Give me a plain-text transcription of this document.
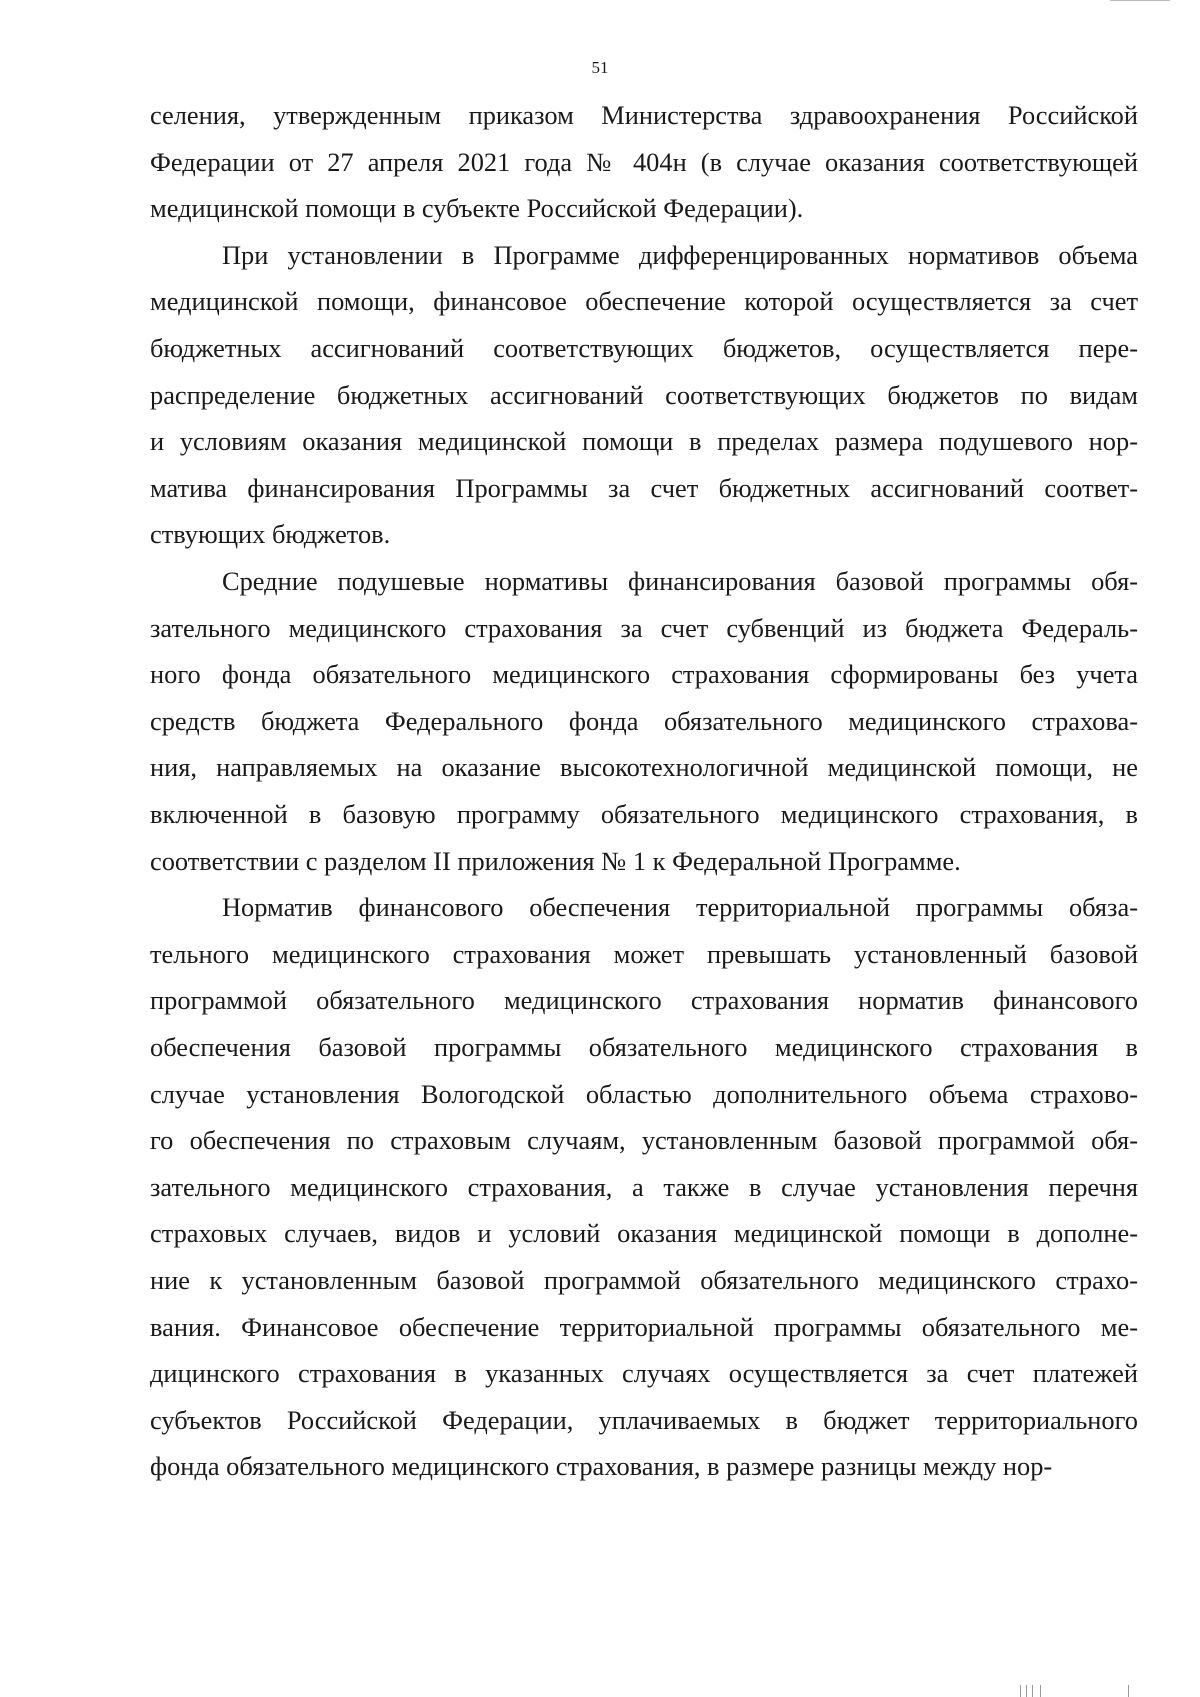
51
селения, утвержденным приказом Министерства здравоохранения Российской
Федерации от 27 апреля 2021 года № 404н (в случае оказания соответствующей
медицинской помощи в субъекте Российской Федерации).
При установлении в Программе дифференцированных нормативов объема
медицинской помощи, финансовое обеспечение которой осуществляется за счет
бюджетных ассигнований соответствующих бюджетов, осуществляется пере-
распределение бюджетных ассигнований соответствующих бюджетов по видам
и условиям оказания медицинской помощи в пределах размера подушевого нор-
матива финансирования Программы за счет бюджетных ассигнований соответ-
ствующих бюджетов.
Средние подушевые нормативы финансирования базовой программы обя-
зательного медицинского страхования за счет субвенций из бюджета Федераль-
ного фонда обязательного медицинского страхования сформированы без учета
средств бюджета Федерального фонда обязательного медицинского страхова-
ния, направляемых на оказание высокотехнологичной медицинской помощи, не
включенной в базовую программу обязательного медицинского страхования, в
соответствии с разделом II приложения № 1 к Федеральной Программе.
Норматив финансового обеспечения территориальной программы обяза-
тельного медицинского страхования может превышать установленный базовой
программой обязательного медицинского страхования норматив финансового
обеспечения базовой программы обязательного медицинского страхования в
случае установления Вологодской областью дополнительного объема страхово-
го обеспечения по страховым случаям, установленным базовой программой обя-
зательного медицинского страхования, а также в случае установления перечня
страховых случаев, видов и условий оказания медицинской помощи в дополне-
ние к установленным базовой программой обязательного медицинского страхо-
вания. Финансовое обеспечение территориальной программы обязательного ме-
дицинского страхования в указанных случаях осуществляется за счет платежей
субъектов Российской Федерации, уплачиваемых в бюджет территориального
фонда обязательного медицинского страхования, в размере разницы между нор-
